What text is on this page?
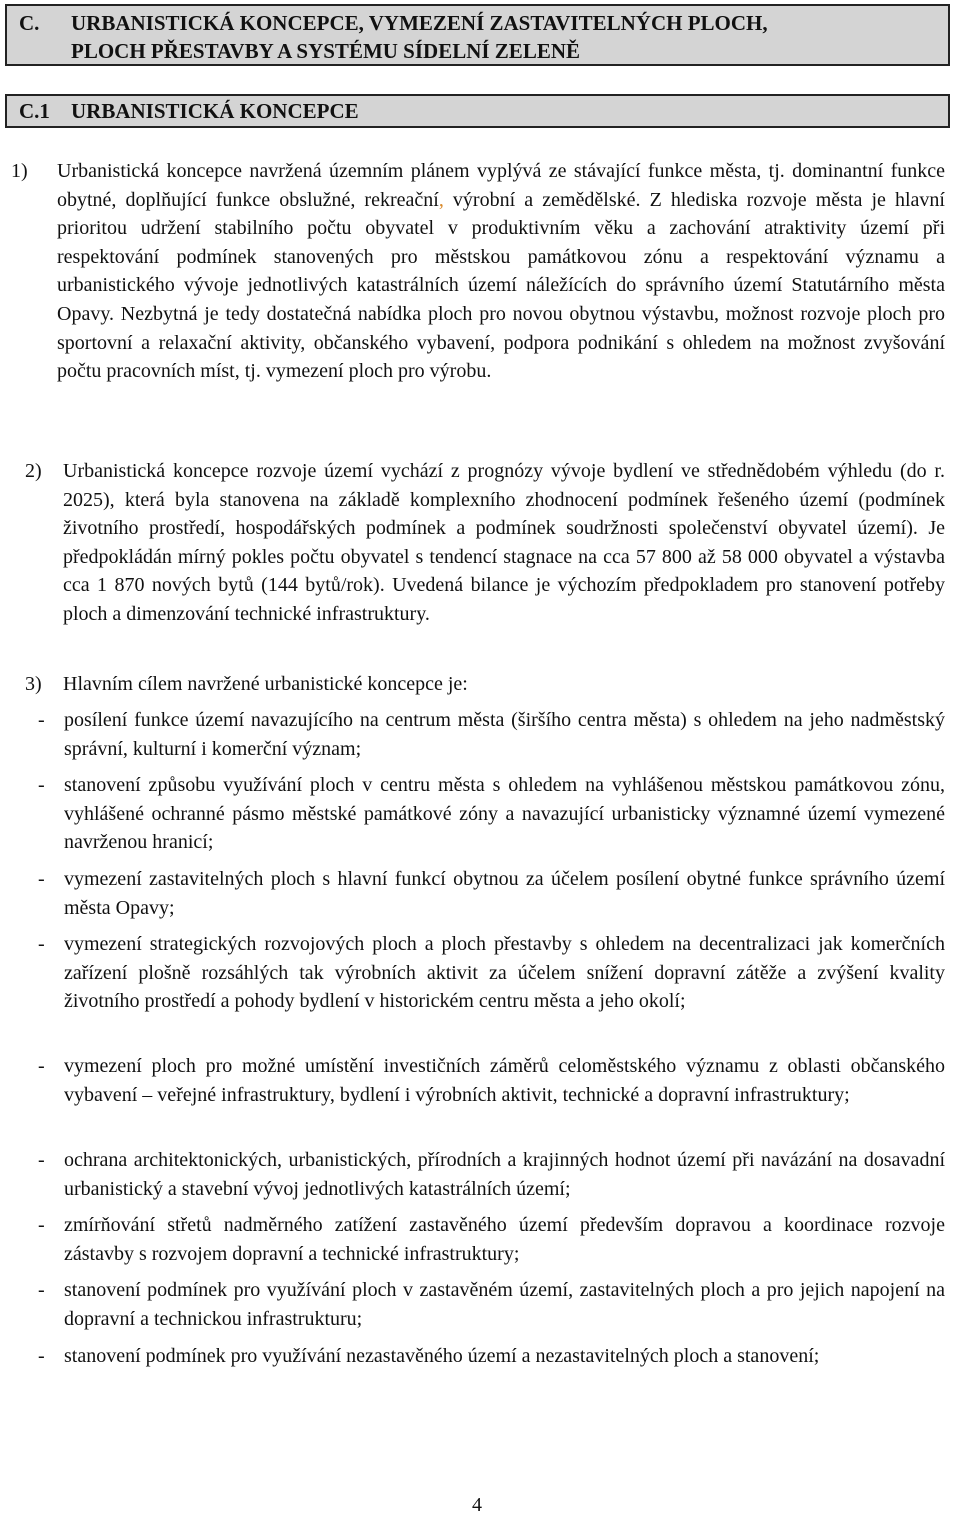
C.	URBANISTICKÁ KONCEPCE, VYMEZENÍ ZASTAVITELNÝCH PLOCH,
PLOCH PŘESTAVBY A SYSTÉMU SÍDELNÍ ZELENĚ
C.1 URBANISTICKÁ KONCEPCE
1) Urbanistická koncepce navržená územním plánem vyplývá ze stávající funkce města, tj. dominantní funkce obytné, doplňující funkce obslužné, rekreační, výrobní a zemědělské. Z hlediska rozvoje města je hlavní prioritou udržení stabilního počtu obyvatel v produktivním věku a zachování atraktivity území při respektování podmínek stanovených pro městskou památkovou zónu a respektování významu a urbanistického vývoje jednotlivých katastrálních území náležících do správního území Statutárního města Opavy. Nezbytná je tedy dostatečná nabídka ploch pro novou obytnou výstavbu, možnost rozvoje ploch pro sportovní a relaxační aktivity, občanského vybavení, podpora podnikání s ohledem na možnost zvyšování počtu pracovních míst, tj. vymezení ploch pro výrobu.
2) Urbanistická koncepce rozvoje území vychází z prognózy vývoje bydlení ve střednědobém výhledu (do r. 2025), která byla stanovena na základě komplexního zhodnocení podmínek řešeného území (podmínek životního prostředí, hospodářských podmínek a podmínek soudržnosti společenství obyvatel území). Je předpokládán mírný pokles počtu obyvatel s tendencí stagnace na cca 57 800 až 58 000 obyvatel a výstavba cca 1 870 nových bytů (144 bytů/rok). Uvedená bilance je výchozím předpokladem pro stanovení potřeby ploch a dimenzování technické infrastruktury.
3) Hlavním cílem navržené urbanistické koncepce je:
- posílení funkce území navazujícího na centrum města (širšího centra města) s ohledem na jeho nadměstský správní, kulturní i komerční význam;
- stanovení způsobu využívání ploch v centru města s ohledem na vyhlášenou městskou památkovou zónu, vyhlášené ochranné pásmo městské památkové zóny a navazující urbanisticky významné území vymezené navrženou hranicí;
- vymezení zastavitelných ploch s hlavní funkcí obytnou za účelem posílení obytné funkce správního území města Opavy;
- vymezení strategických rozvojových ploch a ploch přestavby s ohledem na decentralizaci jak komerčních zařízení plošně rozsáhlých tak výrobních aktivit za účelem snížení dopravní zátěže a zvýšení kvality životního prostředí a pohody bydlení v historickém centru města a jeho okolí;
- vymezení ploch pro možné umístění investičních záměrů celoměstského významu z oblasti občanského vybavení – veřejné infrastruktury, bydlení i výrobních aktivit, technické a dopravní infrastruktury;
- ochrana architektonických, urbanistických, přírodních a krajinných hodnot území při navázání na dosavadní urbanistický a stavební vývoj jednotlivých katastrálních území;
- zmírňování střetů nadměrného zatížení zastavěného území především dopravou a koordinace rozvoje zástavby s rozvojem dopravní a technické infrastruktury;
- stanovení podmínek pro využívání ploch v zastavěném území, zastavitelných ploch a pro jejich napojení na dopravní a technickou infrastrukturu;
- stanovení podmínek pro využívání nezastavěného území a nezastavitelných ploch a stanovení;
4
